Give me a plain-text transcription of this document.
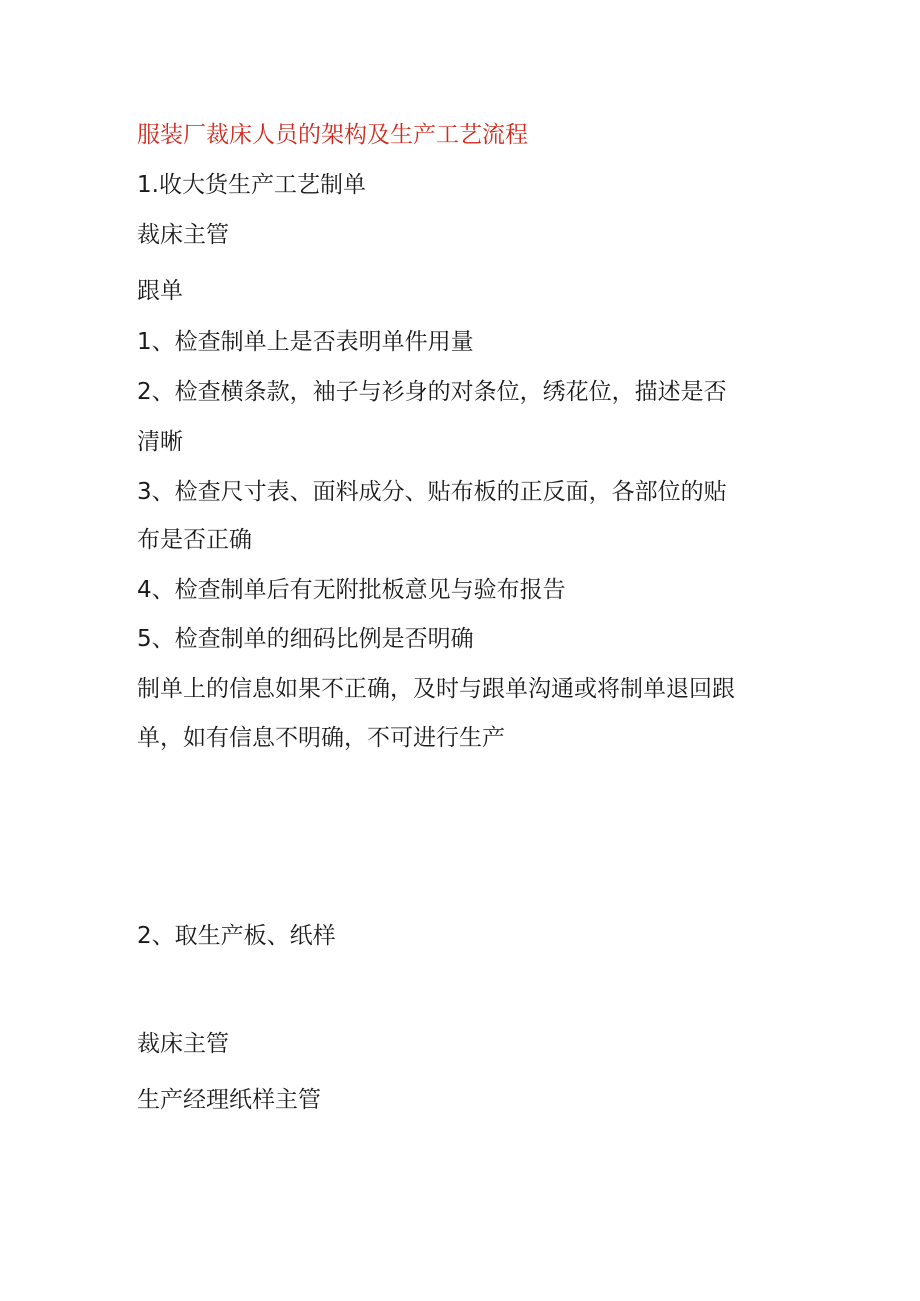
服装厂裁床人员的架构及生产工艺流程
1.收大货生产工艺制单
裁床主管
跟单
1、检查制单上是否表明单件用量
2、检查横条款，袖子与衫身的对条位，绣花位，描述是否
清晰
3、检查尺寸表、面料成分、贴布板的正反面，各部位的贴
布是否正确
4、检查制单后有无附批板意见与验布报告
5、检查制单的细码比例是否明确
制单上的信息如果不正确，及时与跟单沟通或将制单退回跟
单，如有信息不明确，不可进行生产
2、取生产板、纸样
裁床主管
生产经理纸样主管
